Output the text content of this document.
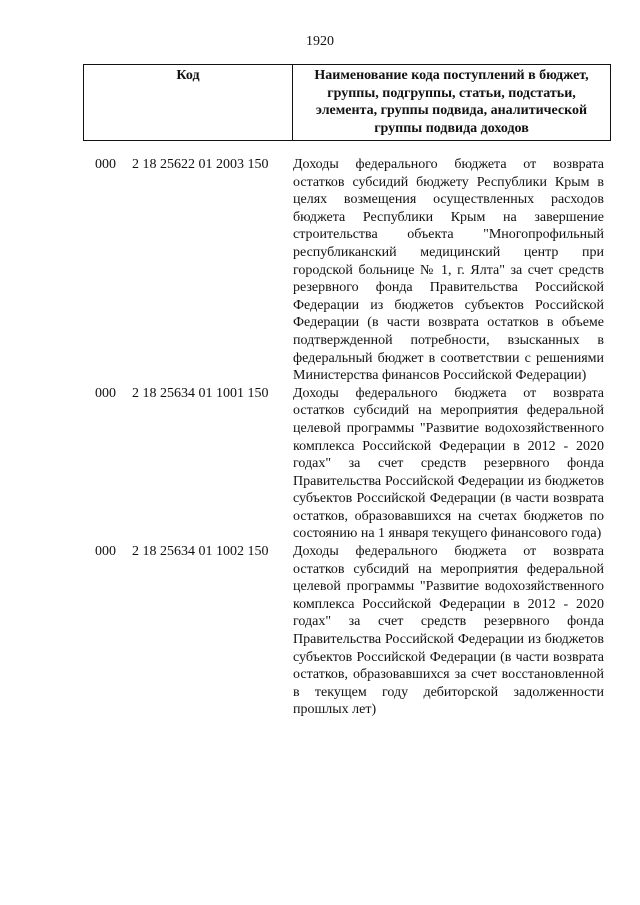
1920
Код	Наименование кода поступлений в бюджет, группы, подгруппы, статьи, подстатьи, элемента, группы подвида, аналитической группы подвида доходов
000 2 18 25622 01 2003 150 Доходы федерального бюджета от возврата остатков субсидий бюджету Республики Крым в целях возмещения осуществленных расходов бюджета Республики Крым на завершение строительства объекта "Многопрофильный республиканский медицинский центр при городской больнице № 1, г. Ялта" за счет средств резервного фонда Правительства Российской Федерации из бюджетов субъектов Российской Федерации (в части возврата остатков в объеме подтвержденной потребности, взысканных в федеральный бюджет в соответствии с решениями Министерства финансов Российской Федерации)
000 2 18 25634 01 1001 150 Доходы федерального бюджета от возврата остатков субсидий на мероприятия федеральной целевой программы "Развитие водохозяйственного комплекса Российской Федерации в 2012 - 2020 годах" за счет средств резервного фонда Правительства Российской Федерации из бюджетов субъектов Российской Федерации (в части возврата остатков, образовавшихся на счетах бюджетов по состоянию на 1 января текущего финансового года)
000 2 18 25634 01 1002 150 Доходы федерального бюджета от возврата остатков субсидий на мероприятия федеральной целевой программы "Развитие водохозяйственного комплекса Российской Федерации в 2012 - 2020 годах" за счет средств резервного фонда Правительства Российской Федерации из бюджетов субъектов Российской Федерации (в части возврата остатков, образовавшихся за счет восстановленной в текущем году дебиторской задолженности прошлых лет)
